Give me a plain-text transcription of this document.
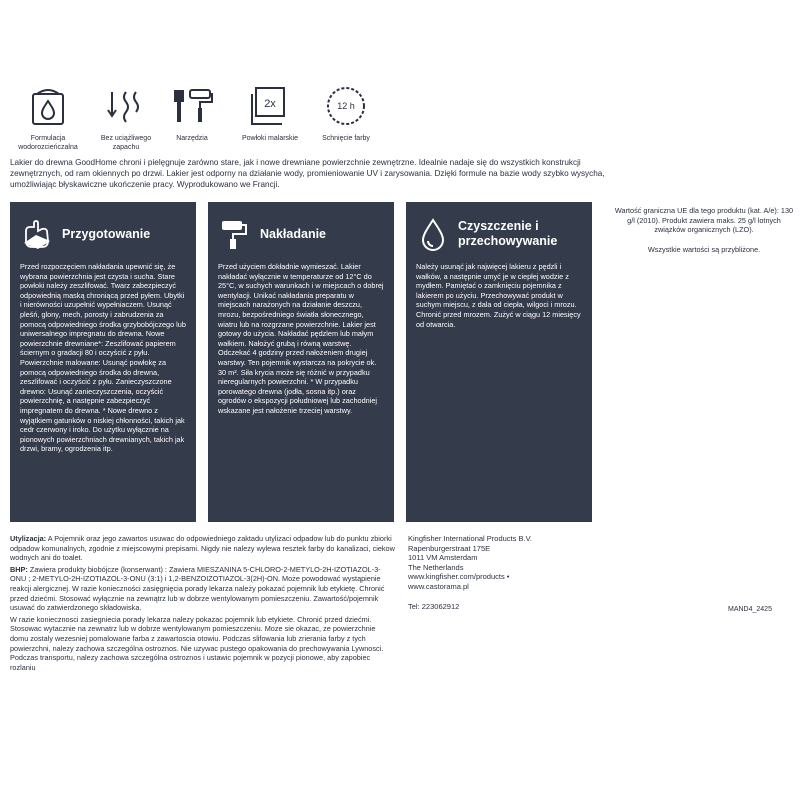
Formulacja wodorozcieńczalna
Bez uciążliwego zapachu
Narzędzia
2x
Powłoki malarskie
12 h
Schnięcie farby
Lakier do drewna GoodHome chroni i pielęgnuje zarówno stare, jak i nowe drewniane powierzchnie zewnętrzne. Idealnie nadaje się do wszystkich konstrukcji zewnętrznych, od ram okiennych po drzwi. Lakier jest odporny na działanie wody, promieniowanie UV i zarysowania. Dzięki formule na bazie wody szybko wysycha, umożliwiając błyskawiczne ukończenie pracy. Wyprodukowano we Francji.
Przygotowanie
Przed rozpoczęciem nakładania upewnić się, że wybrana powierzchnia jest czysta i sucha. Stare powłoki należy zeszlifować. Twarz zabezpieczyć odpowiednią maską chroniącą przed pyłem. Ubytki i nierówności uzupełnić wypełniaczem. Usunąć pleśń, glony, mech, porosty i zabrudzenia za pomocą odpowiedniego środka grzybobójczego lub uniwersalnego impregnatu do drewna. Nowe powierzchnie drewniane*: Zeszlifować papierem ściernym o gradacji 80 i oczyścić z pyłu. Powierzchnie malowane: Usunąć powłokę za pomocą odpowiedniego środka do drewna, zeszlifować i oczyścić z pyłu. Zanieczyszczone drewno: Usunąć zanieczyszczenia, oczyścić powierzchnię, a następnie zabezpieczyć impregnatem do drewna. * Nowe drewno z wyjątkiem gatunków o niskiej chłonności, takich jak cedr czerwony i iroko. Do użytku wyłącznie na pionowych powierzchniach drewnianych, takich jak drzwi, bramy, ogrodzenia itp.
Nakładanie
Przed użyciem dokładnie wymieszać. Lakier nakładać wyłącznie w temperaturze od 12°C do 25°C, w suchych warunkach i w miejscach o dobrej wentylacji. Unikać nakładania preparatu w miejscach narażonych na działanie deszczu, mrozu, bezpośredniego światła słonecznego, wiatru lub na rozgrzane powierzchnie. Lakier jest gotowy do użycia. Nakładać pędzlem lub małym wałkiem. Nałożyć grubą i równą warstwę. Odczekać 4 godziny przed nałożeniem drugiej warstwy. Ten pojemnik wystarcza na pokrycie ok. 30 m². Siła krycia może się różnić w przypadku nieregularnych powierzchni. * W przypadku porowatego drewna (jodła, sosna itp.) oraz ogrodów o ekspozycji południowej lub zachodniej wskazane jest nałożenie trzeciej warstwy.
Czyszczenie i przechowywanie
Należy usunąć jak najwięcej lakieru z pędzli i wałków, a następnie umyć je w ciepłej wodzie z mydłem. Pamiętać o zamknięciu pojemnika z lakierem po użyciu. Przechowywać produkt w suchym miejscu, z dala od ciepła, wilgoci i mrozu. Chronić przed mrozem. Zużyć w ciągu 12 miesięcy od otwarcia.

Wartość graniczna UE dla tego produktu (kat. A/e): 130 g/l (2010). Produkt zawiera maks. 25 g/l lotnych związków organicznych (LZO).

Wszystkie wartości są przybliżone.

Utylizacja: A Pojemnik oraz jego zawartos usuwac do odpowiedniego zaktadu utylizaci odpadow lub do punktu zbiorki odpadow komunalnych, zgodnie z miejscowymi prepisami. Nigdy nie nalezy wylewa resztek farby do kanalizaci, ciekow wodnych ani do toalet.

BHP: Zawiera produkty biobójcze (konserwant) : Zawiera MIESZANINA 5-CHLORO-2-METYLO-2H-IZOTIAZOL-3-ONU ; 2-METYLO-2H-IZOTIAZOL-3-ONU (3:1) i 1,2-BENZOIZOTIAZOL-3(2H)-ON. Może powodować wystąpienie reakcji alergicznej. W razie konieczności zasięgnięcia porady lekarza należy pokazać pojemnik lub etykietę. Chronić przed dziećmi. Stosować wyłącznie na zewnątrz lub w dobrze wentylowanym pomieszczeniu. Zawartość/pojemnik usuwać do zatwierdzonego składowiska.

W razie koniecznosci zasiegniecia porady lekarza nalezy pokazac pojemnik lub etykiete. Chronić przed dziećmi. Stosowac wytacznie na zewnatrz lub w dobrze wentylowanym pomieszczeniu. Moze sie okazac, ze powierzchnie domu zostaly wezesniej pomalowane farba z zawartoscia otowiu. Podczas slifowania lub zrierania farby z tych powierzchni, nalezy zachowa szczególna ostroznos. Nie uzywac pustego opakowania do prechowywania Lywnosci. Podczas transportu, nalezy zachowa szczególna ostroznos i ustawic pojemnik w pozycji pionowe, aby zapobiec rozlaniu

Kingfisher International Products B.V.
Rapenburgerstraat 175E
1011 VM Amsterdam
The Netherlands
www.kingfisher.com/products •
www.castorama.pl
Tel: 223062912	MAND4_2425
